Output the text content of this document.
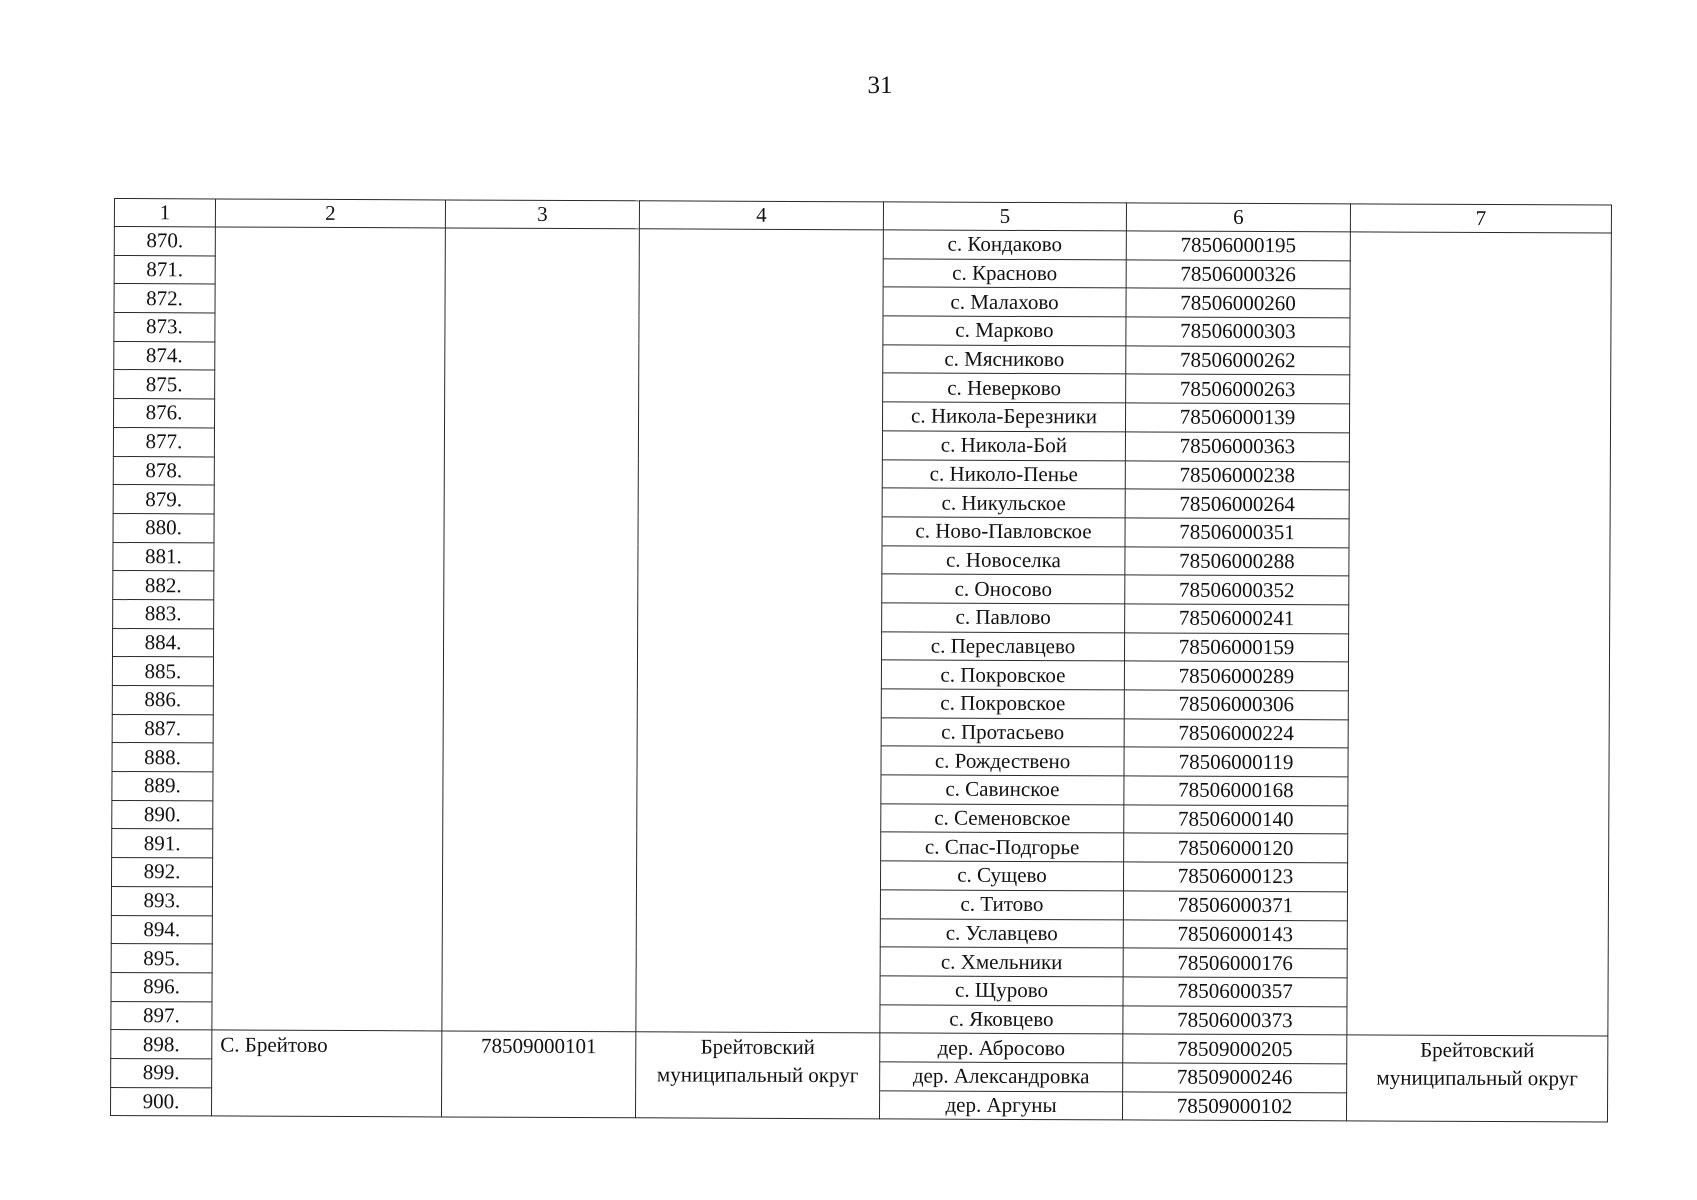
31
1	2	3	4	5	6	7
870.				с. Кондаково	78506000195	
871.				с. Красново	78506000326	
872.				с. Малахово	78506000260	
873.				с. Марково	78506000303	
874.				с. Мясниково	78506000262	
875.				с. Неверково	78506000263	
876.				с. Никола-Березники	78506000139	
877.				с. Никола-Бой	78506000363	
878.				с. Николо-Пенье	78506000238	
879.				с. Никульское	78506000264	
880.				с. Ново-Павловское	78506000351	
881.				с. Новоселка	78506000288	
882.				с. Оносово	78506000352	
883.				с. Павлово	78506000241	
884.				с. Переславцево	78506000159	
885.				с. Покровское	78506000289	
886.				с. Покровское	78506000306	
887.				с. Протасьево	78506000224	
888.				с. Рождествено	78506000119	
889.				с. Савинское	78506000168	
890.				с. Семеновское	78506000140	
891.				с. Спас-Подгорье	78506000120	
892.				с. Сущево	78506000123	
893.				с. Титово	78506000371	
894.				с. Уславцево	78506000143	
895.				с. Хмельники	78506000176	
896.				с. Щурово	78506000357	
897.				с. Яковцево	78506000373	
898.	С. Брейтово	78509000101	Брейтовский муниципальный округ	дер. Абросово	78509000205	Брейтовский муниципальный округ
899.				дер. Александровка	78509000246	
900.				дер. Аргуны	78509000102	
